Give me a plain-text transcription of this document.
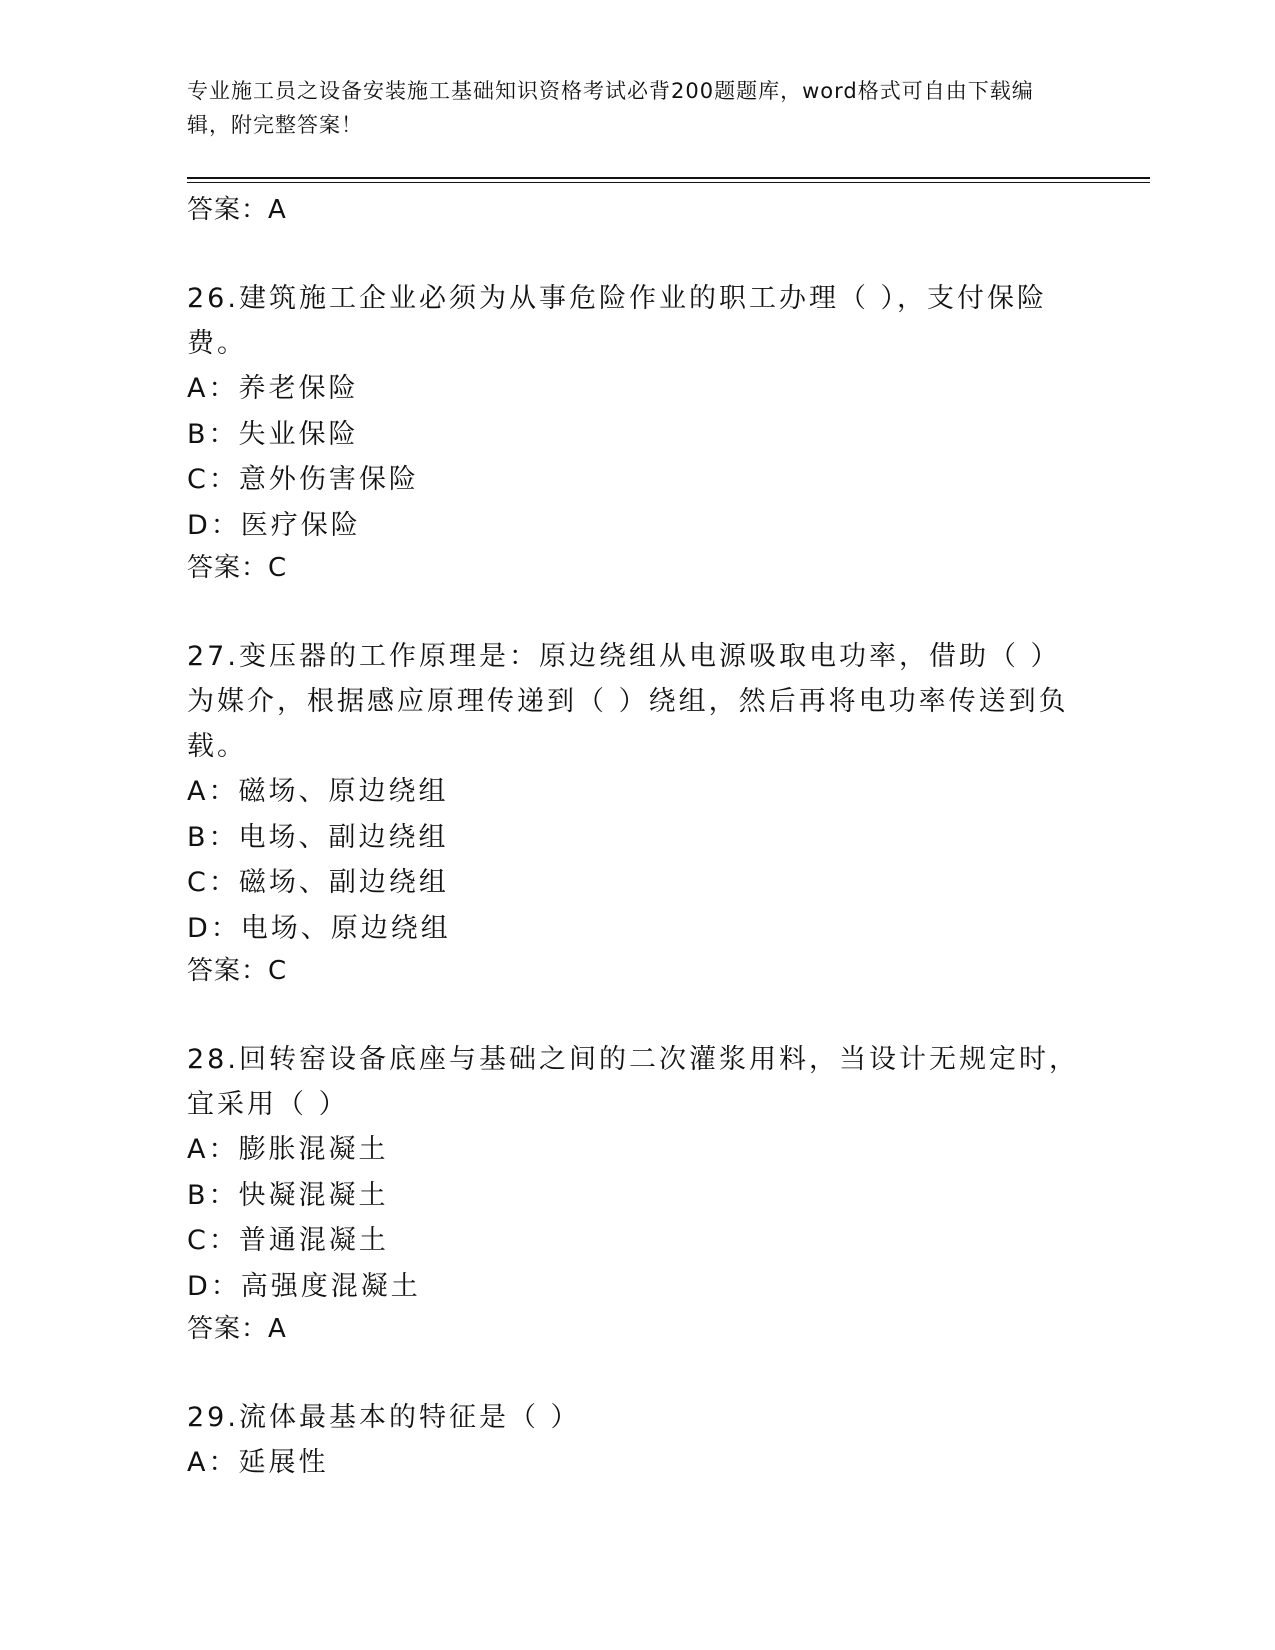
专业施工员之设备安装施工基础知识资格考试必背200题题库，word格式可自由下载编辑，附完整答案！

答案：A

26.建筑施工企业必须为从事危险作业的职工办理（ ），支付保险费。

A：养老保险

B：失业保险

C：意外伤害保险

D：医疗保险

答案：C

27.变压器的工作原理是：原边绕组从电源吸取电功率，借助（ ）为媒介，根据感应原理传递到（ ）绕组，然后再将电功率传送到负载。

A：磁场、原边绕组

B：电场、副边绕组

C：磁场、副边绕组

D：电场、原边绕组

答案：C

28.回转窑设备底座与基础之间的二次灌浆用料，当设计无规定时，宜采用（ ）

A：膨胀混凝土

B：快凝混凝土

C：普通混凝土

D：高强度混凝土

答案：A

29.流体最基本的特征是（ ）

A：延展性
